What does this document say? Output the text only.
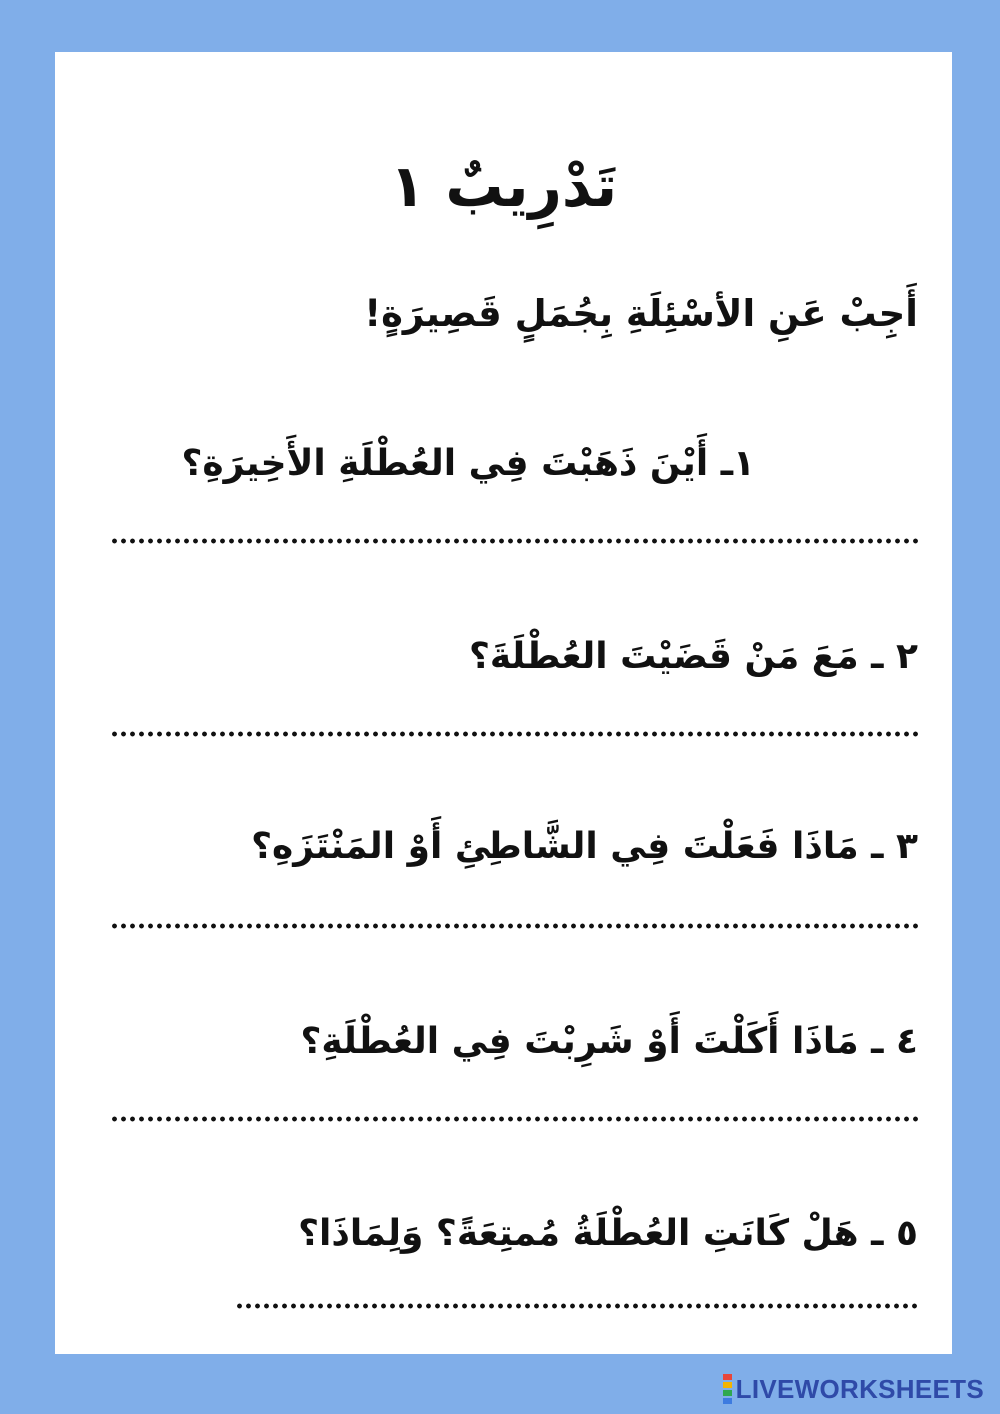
تَدْرِيبٌ ١
أَجِبْ عَنِ الأسْئِلَةِ بِجُمَلٍ قَصِيرَةٍ!
١ـ أَيْنَ ذَهَبْتَ فِي العُطْلَةِ الأَخِيرَةِ؟
٢ ـ مَعَ مَنْ قَضَيْتَ العُطْلَةَ؟
٣ ـ مَاذَا فَعَلْتَ فِي الشَّاطِئِ أَوْ المَنْتَزَهِ؟
٤ ـ مَاذَا أَكَلْتَ أَوْ شَرِبْتَ فِي العُطْلَةِ؟
٥ ـ هَلْ كَانَتِ العُطْلَةُ مُمتِعَةً؟ وَلِمَاذَا؟
LIVEWORKSHEETS
